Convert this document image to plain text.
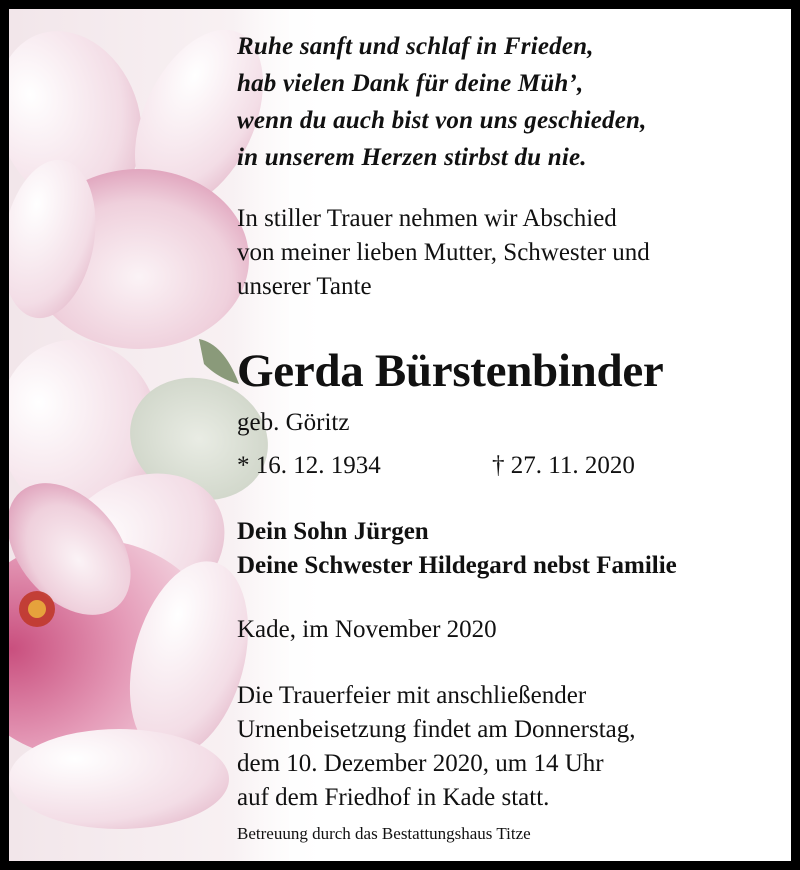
Ruhe sanft und schlaf in Frieden,
hab vielen Dank für deine Müh’,
wenn du auch bist von uns geschieden,
in unserem Herzen stirbst du nie.
In stiller Trauer nehmen wir Abschied
von meiner lieben Mutter, Schwester und
unserer Tante
Gerda Bürstenbinder
geb. Göritz
* 16. 12. 1934	† 27. 11. 2020
Dein Sohn Jürgen
Deine Schwester Hildegard nebst Familie
Kade, im November 2020
Die Trauerfeier mit anschließender
Urnenbeisetzung findet am Donnerstag,
dem 10. Dezember 2020, um 14 Uhr
auf dem Friedhof in Kade statt.
Betreuung durch das Bestattungshaus Titze
